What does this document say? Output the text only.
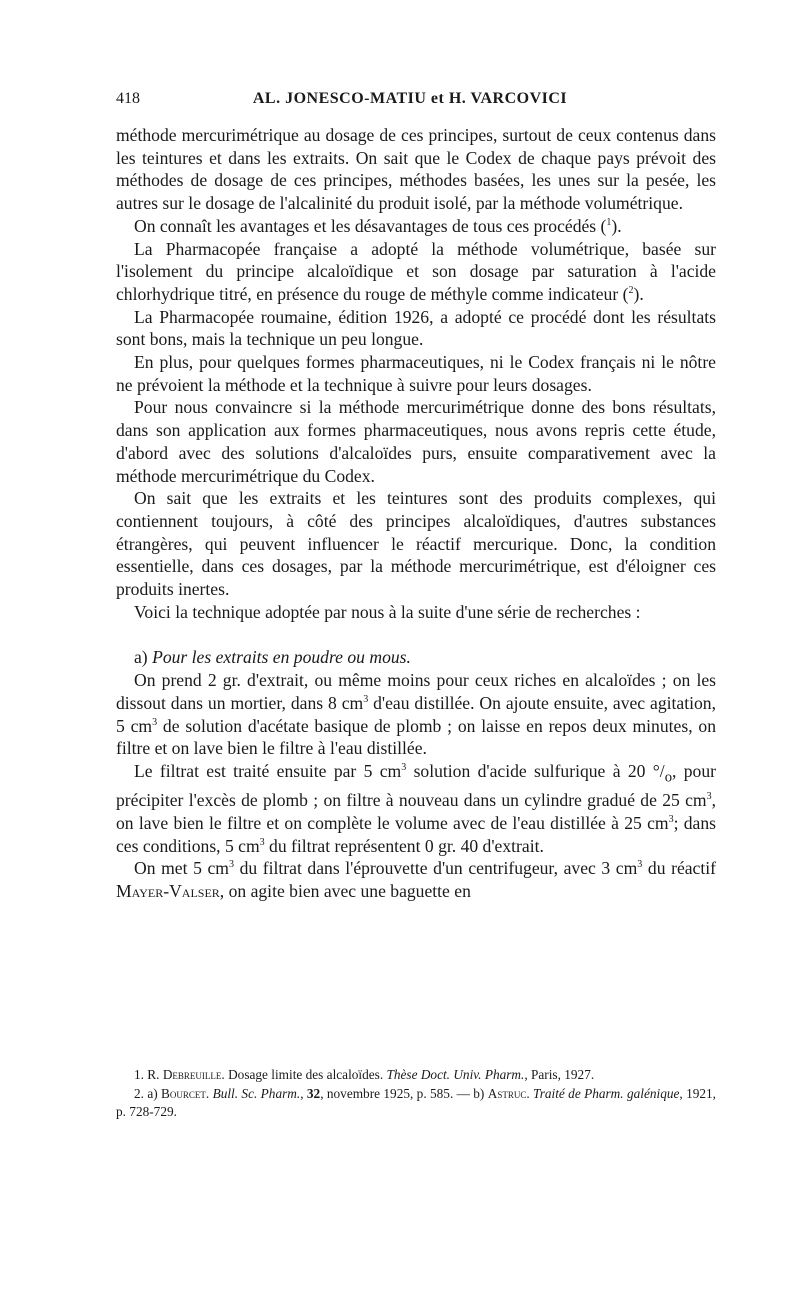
418	AL. JONESCO-MATIU et H. VARCOVICI

méthode mercurimétrique au dosage de ces principes, surtout de ceux contenus dans les teintures et dans les extraits. On sait que le Codex de chaque pays prévoit des méthodes de dosage de ces principes, méthodes basées, les unes sur la pesée, les autres sur le dosage de l'alcalinité du produit isolé, par la méthode volumétrique.

On connaît les avantages et les désavantages de tous ces procédés ($^1$).

La Pharmacopée française a adopté la méthode volumétrique, basée sur l'isolement du principe alcaloïdique et son dosage par saturation à l'acide chlorhydrique titré, en présence du rouge de méthyle comme indicateur ($^2$).

La Pharmacopée roumaine, édition 1926, a adopté ce procédé dont les résultats sont bons, mais la technique un peu longue.

En plus, pour quelques formes pharmaceutiques, ni le Codex français ni le nôtre ne prévoient la méthode et la technique à suivre pour leurs dosages.

Pour nous convaincre si la méthode mercurimétrique donne des bons résultats, dans son application aux formes pharmaceutiques, nous avons repris cette étude, d'abord avec des solutions d'alcaloïdes purs, ensuite comparativement avec la méthode mercurimétrique du Codex.

On sait que les extraits et les teintures sont des produits complexes, qui contiennent toujours, à côté des principes alcaloïdiques, d'autres substances étrangères, qui peuvent influencer le réactif mercurique. Donc, la condition essentielle, dans ces dosages, par la méthode mercurimétrique, est d'éloigner ces produits inertes.

Voici la technique adoptée par nous à la suite d'une série de recherches :

a) Pour les extraits en poudre ou mous.

On prend 2 gr. d'extrait, ou même moins pour ceux riches en alcaloïdes ; on les dissout dans un mortier, dans 8 $cm^3$ d'eau distillée. On ajoute ensuite, avec agitation, 5 $cm^3$ de solution d'acétate basique de plomb ; on laisse en repos deux minutes, on filtre et on lave bien le filtre à l'eau distillée.

Le filtrat est traité ensuite par 5 $cm^3$ solution d'acide sulfurique à 20 $^\circ/_o$, pour précipiter l'excès de plomb ; on filtre à nouveau dans un cylindre gradué de 25 $cm^3$, on lave bien le filtre et on complète le volume avec de l'eau distillée à 25 $cm^3$; dans ces conditions, 5 $cm^3$ du filtrat représentent 0 gr. 40 d'extrait.

On met 5 $cm^3$ du filtrat dans l'éprouvette d'un centrifugeur, avec 3 $cm^3$ du réactif Mayer-Valser, on agite bien avec une baguette en

1. R. Debreuille. Dosage limite des alcaloïdes. Thèse Doct. Univ. Pharm., Paris, 1927.

2. a) Bourcet. Bull. Sc. Pharm., 32, novembre 1925, p. 585. — b) Astruc. Traité de Pharm. galénique, 1921, p. 728-729.
